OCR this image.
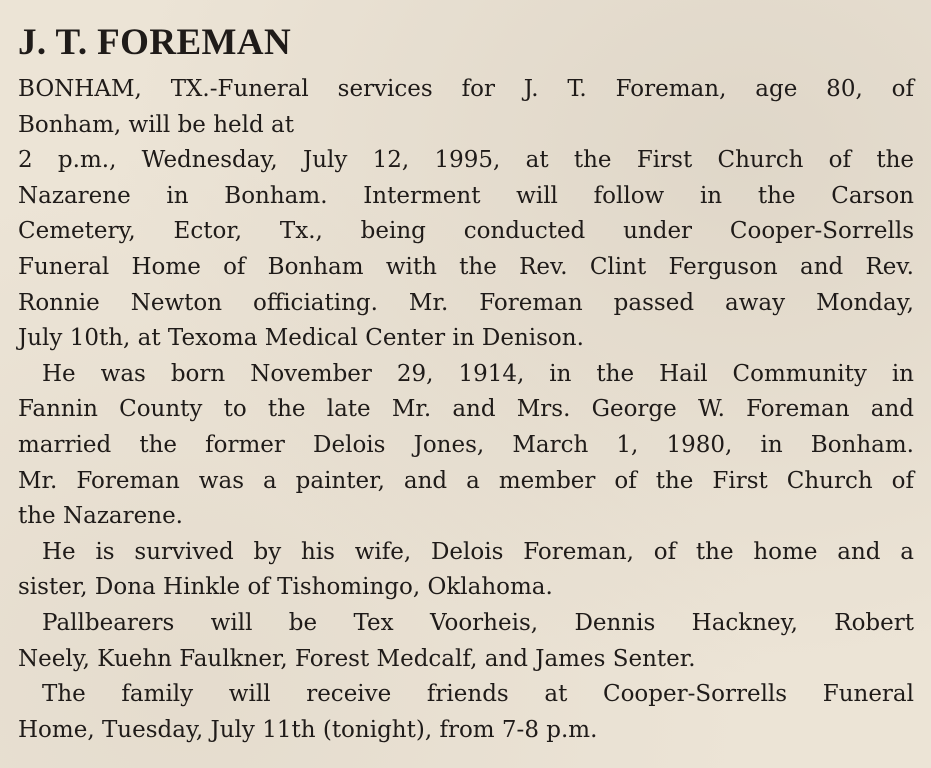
J. T. FOREMAN
BONHAM, TX.-Funeral services for J. T. Foreman, age 80, of
Bonham, will be held at
2 p.m., Wednesday, July 12, 1995, at the First Church of the
Nazarene in Bonham. Interment will follow in the Carson
Cemetery, Ector, Tx., being conducted under Cooper-Sorrells
Funeral Home of Bonham with the Rev. Clint Ferguson and Rev.
Ronnie Newton officiating. Mr. Foreman passed away Monday,
July 10th, at Texoma Medical Center in Denison.
He was born November 29, 1914, in the Hail Community in
Fannin County to the late Mr. and Mrs. George W. Foreman and
married the former Delois Jones, March 1, 1980, in Bonham.
Mr. Foreman was a painter, and a member of the First Church of
the Nazarene.
He is survived by his wife, Delois Foreman, of the home and a
sister, Dona Hinkle of Tishomingo, Oklahoma.
Pallbearers will be Tex Voorheis, Dennis Hackney, Robert
Neely, Kuehn Faulkner, Forest Medcalf, and James Senter.
The family will receive friends at Cooper-Sorrells Funeral
Home, Tuesday, July 11th (tonight), from 7-8 p.m.
